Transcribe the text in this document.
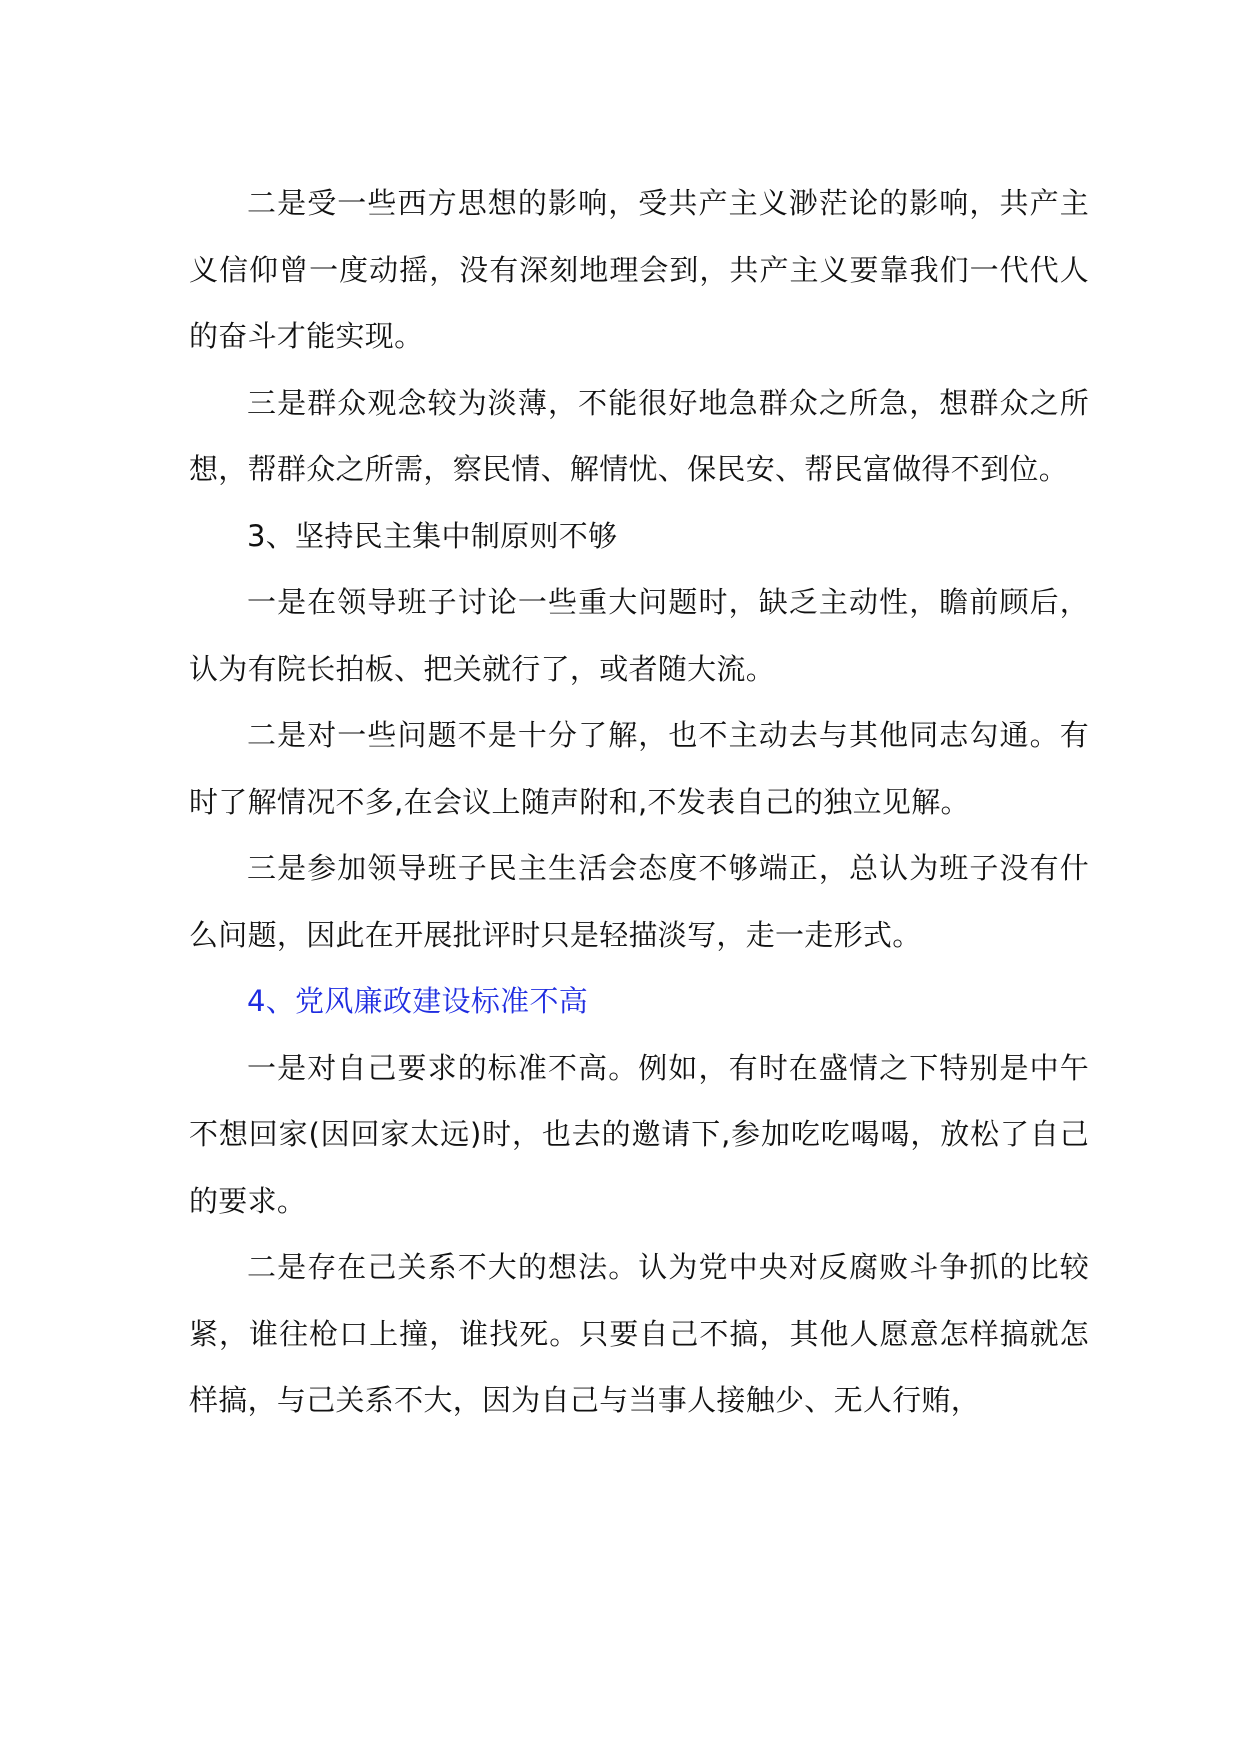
二是受一些西方思想的影响，受共产主义渺茫论的影响，共产主义信仰曾一度动摇，没有深刻地理会到，共产主义要靠我们一代代人的奋斗才能实现。

三是群众观念较为淡薄，不能很好地急群众之所急，想群众之所想，帮群众之所需，察民情、解情忧、保民安、帮民富做得不到位。

3、坚持民主集中制原则不够

一是在领导班子讨论一些重大问题时，缺乏主动性，瞻前顾后，认为有院长拍板、把关就行了，或者随大流。

二是对一些问题不是十分了解，也不主动去与其他同志勾通。有时了解情况不多,在会议上随声附和,不发表自己的独立见解。

三是参加领导班子民主生活会态度不够端正，总认为班子没有什么问题，因此在开展批评时只是轻描淡写，走一走形式。

4、党风廉政建设标准不高

一是对自己要求的标准不高。例如，有时在盛情之下特别是中午不想回家(因回家太远)时，也去的邀请下,参加吃吃喝喝，放松了自己的要求。

二是存在己关系不大的想法。认为党中央对反腐败斗争抓的比较紧，谁往枪口上撞，谁找死。只要自己不搞，其他人愿意怎样搞就怎样搞，与己关系不大，因为自己与当事人接触少、无人行贿，
